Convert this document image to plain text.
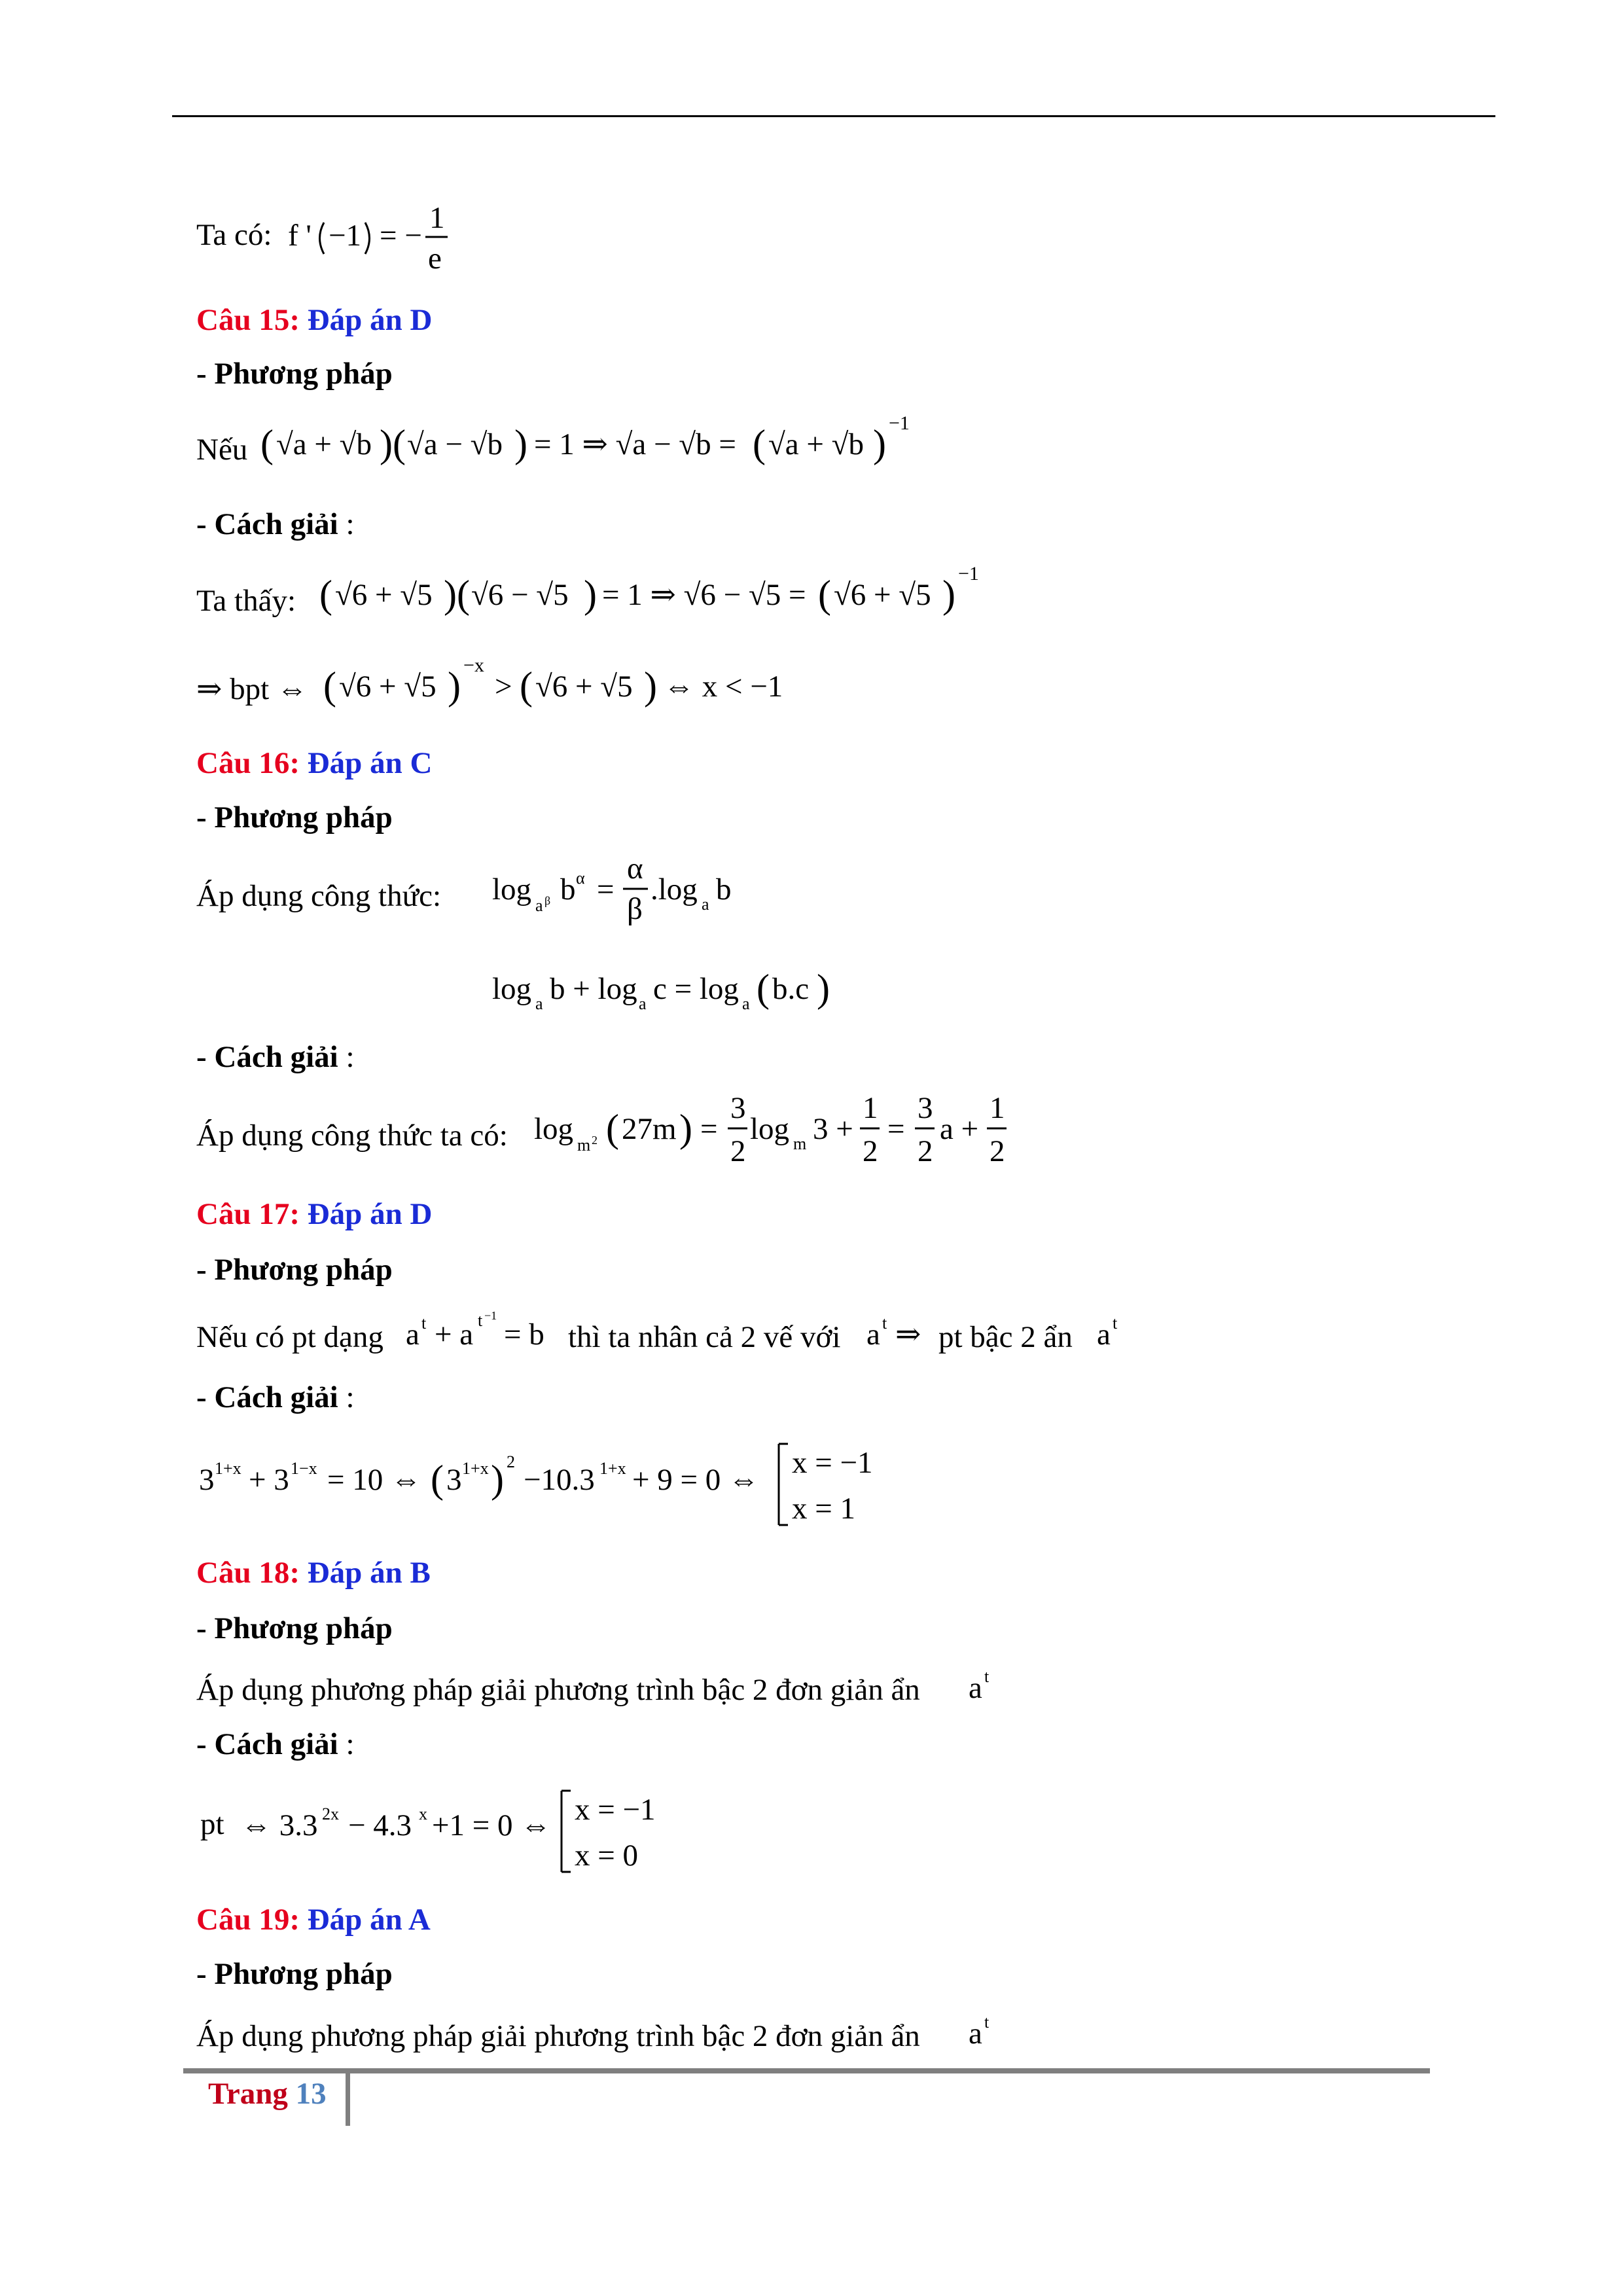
Ta có: f ' −1 = −
1
e
Câu 15: Đáp án D
- Phương pháp
Nếu ( √a + √b )( √a − √b ) = 1 ⇒ √a − √b = ( √a + √b ) −1
- Cách giải :
Ta thấy: ( √6 + √5 )( √6 − √5 ) = 1 ⇒ √6 − √5 = ( √6 + √5 ) −1
⇒ bpt ⇔ ( √6 + √5 ) −x
> ( √6 + √5 ) ⇔ x < −1
Câu 16: Đáp án C
- Phương pháp
Áp dụng công thức: log a β b α =
α
β
.log a b
log a b + log a c = log a ( b.c )
- Cách giải :
Áp dụng công thức ta có: log m 2 ( 27m ) =
3
2
log m 3 +
1
2
=
3
2
a +
1
2
Câu 17: Đáp án D
- Phương pháp
Nếu có pt dạng a t + a t −1
= b thì ta nhân cả 2 vế với a t ⇒ pt bậc 2 ẩn a t
- Cách giải :
3 1+x + 3 1−x = 10 ⇔ ( 3 1+x ) 2
−10.3 1+x + 9 = 0 ⇔ x = −1
x = 1
Câu 18: Đáp án B
- Phương pháp
Áp dụng phương pháp giải phương trình bậc 2 đơn giản ẩn a t
- Cách giải :
pt ⇔ 3.3 2x − 4.3 x +1 = 0 ⇔ x = −1
x = 0
Câu 19: Đáp án A
- Phương pháp
Áp dụng phương pháp giải phương trình bậc 2 đơn giản ẩn a t
Trang 13
